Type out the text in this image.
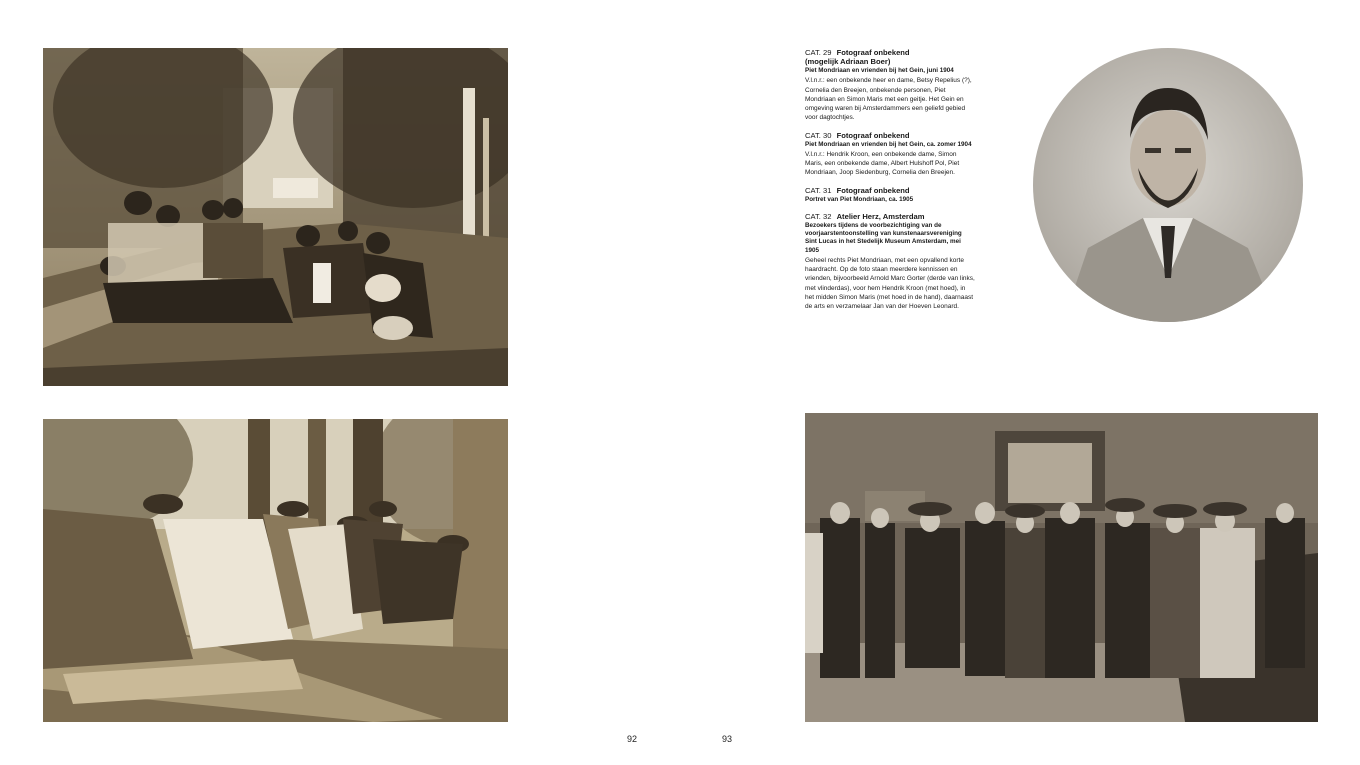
CAT. 29 Fotograaf onbekend
(mogelijk Adriaan Boer)
Piet Mondriaan en vrienden bij het Gein, juni 1904
V.l.n.r.: een onbekende heer en dame, Betsy Repelius (?), Cornelia den Breejen, onbekende personen, Piet Mondriaan en Simon Maris met een geitje. Het Gein en omgeving waren bij Amsterdammers een geliefd gebied voor dagtochtjes.
CAT. 30 Fotograaf onbekend
Piet Mondriaan en vrienden bij het Gein, ca. zomer 1904
V.l.n.r.: Hendrik Kroon, een onbekende dame, Simon Maris, een onbekende dame, Albert Hulshoff Pol, Piet Mondriaan, Joop Siedenburg, Cornelia den Breejen.
CAT. 31 Fotograaf onbekend
Portret van Piet Mondriaan, ca. 1905
CAT. 32 Atelier Herz, Amsterdam
Bezoekers tijdens de voorbezichtiging van de voorjaarstentoonstelling van kunstenaarsvereniging Sint Lucas in het Stedelijk Museum Amsterdam, mei 1905
Geheel rechts Piet Mondriaan, met een opvallend korte haardracht. Op de foto staan meerdere kennissen en vrienden, bijvoorbeeld Arnold Marc Gorter (derde van links, met vlinderdas), voor hem Hendrik Kroon (met hoed), in het midden Simon Maris (met hoed in de hand), daarnaast de arts en verzamelaar Jan van der Hoeven Leonard.
92	93
